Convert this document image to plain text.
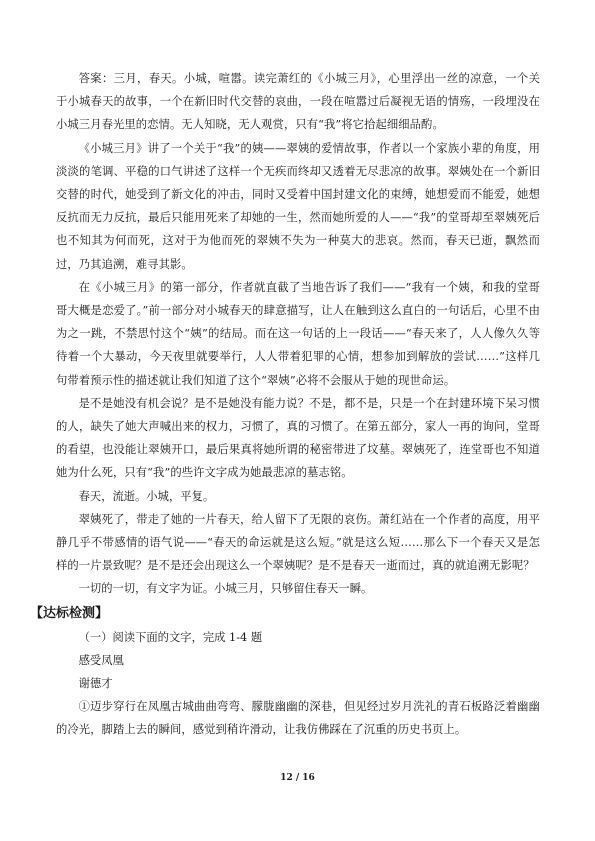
答案：三月，春天。小城，喧嚣。读完萧红的《小城三月》，心里浮出一丝的凉意，一个关于小城春天的故事，一个在新旧时代交替的哀曲，一段在喧嚣过后凝视无语的情殇，一段埋没在小城三月春光里的恋情。无人知晓，无人观赏，只有“我”将它拾起细细品酌。

《小城三月》讲了一个关于“我”的姨——翠姨的爱情故事，作者以一个家族小辈的角度，用淡淡的笔调、平稳的口气讲述了这样一个无疾而终却又透着无尽悲凉的故事。翠姨处在一个新旧交替的时代，她受到了新文化的冲击，同时又受着中国封建文化的束缚，她想爱而不能爱，她想反抗而无力反抗，最后只能用死来了却她的一生，然而她所爱的人——“我”的堂哥却至翠姨死后也不知其为何而死，这对于为他而死的翠姨不失为一种莫大的悲哀。然而，春天已逝，飘然而过，乃其追溯，难寻其影。

在《小城三月》的第一部分，作者就直截了当地告诉了我们——“我有一个姨，和我的堂哥哥大概是恋爱了。”前一部分对小城春天的肆意描写，让人在触到这么直白的一句话后，心里不由为之一跳，不禁思忖这个“姨”的结局。而在这一句话的上一段话——“春天来了，人人像久久等待着一个大暴动，今天夜里就要举行，人人带着犯罪的心情，想参加到解放的尝试……”这样几句带着预示性的描述就让我们知道了这个“翠姨”必将不会服从于她的现世命运。

是不是她没有机会说？是不是她没有能力说？不是，都不是，只是一个在封建环境下呆习惯的人，缺失了她大声喊出来的权力，习惯了，真的习惯了。在第五部分，家人一再的询问，堂哥的看望，也没能让翠姨开口，最后果真将她所谓的秘密带进了坟墓。翠姨死了，连堂哥也不知道她为什么死，只有“我”的些许文字成为她最悲凉的墓志铭。

春天，流逝。小城，平复。

翠姨死了，带走了她的一片春天，给人留下了无限的哀伤。萧红站在一个作者的高度，用平静几乎不带感情的语气说——“春天的命运就是这么短。”就是这么短……那么下一个春天又是怎样的一片景致呢？是不是还会出现这么一个翠姨呢？是不是春天一逝而过，真的就追溯无影呢？

一切的一切，有文字为证。小城三月，只够留住春天一瞬。

【达标检测】

（一）阅读下面的文字，完成 1-4 题

感受凤凰

谢德才

①迈步穿行在凤凰古城曲曲弯弯、朦胧幽幽的深巷，但见经过岁月洗礼的青石板路泛着幽幽的冷光，脚踏上去的瞬间，感觉到稍许滑动，让我仿佛踩在了沉重的历史书页上。

12 / 16
